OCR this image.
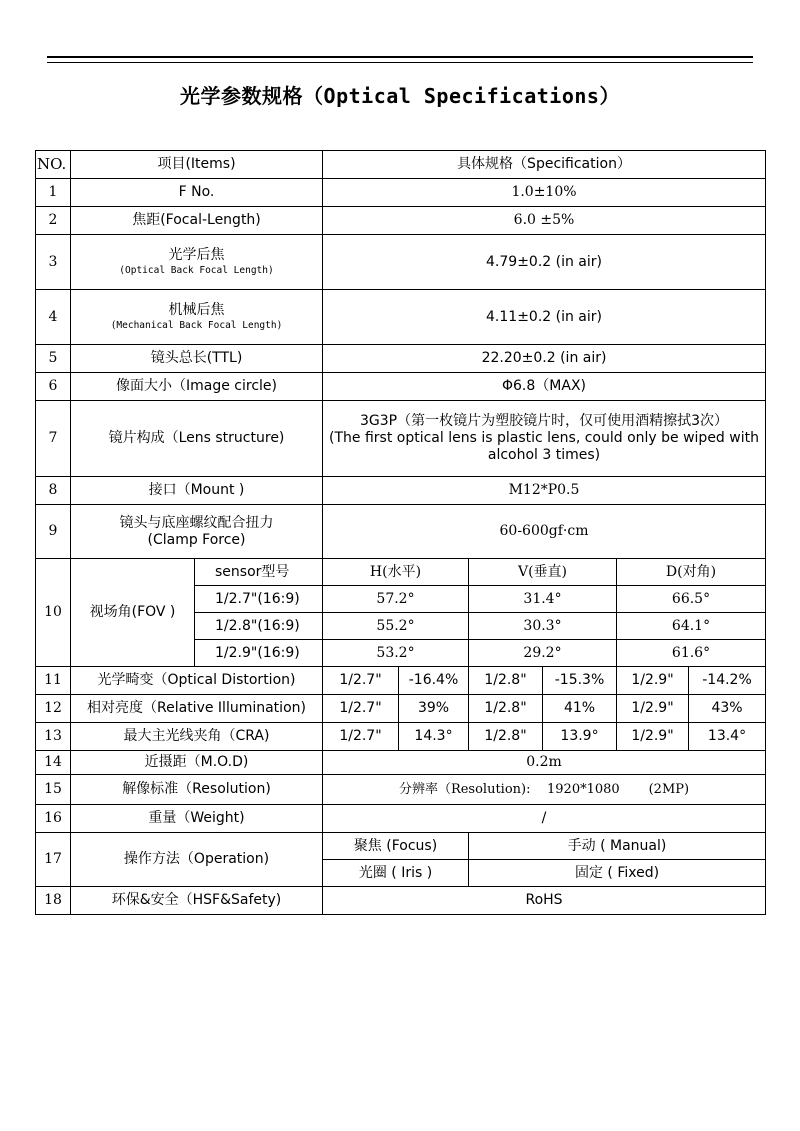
光学参数规格（Optical Specifications）
NO.	项目(Items)		具体规格（Specification）					
1	F No.		1.0±10%					
2	焦距(Focal-Length)		6.0 ±5%					
3	光学后焦
(Optical Back Focal Length)		4.79±0.2 (in air)					
4	机械后焦
(Mechanical Back Focal Length)		4.11±0.2 (in air)					
5	镜头总长(TTL)		22.20±0.2 (in air)					
6	像面大小（Image circle)		Φ6.8（MAX)					
7	镜片构成（Lens structure)		3G3P（第一枚镜片为塑胶镜片时，仅可使用酒精擦拭3次）
(The first optical lens is plastic lens, could only be wiped with alcohol 3 times)					

8	接口（Mount )		M12*P0.5					
9	镜头与底座螺纹配合扭力
(Clamp Force)		60-600gf·cm					
10	视场角(FOV )	sensor型号	H(水平)		V(垂直)		D(对角)	
		1/2.7"(16:9)	57.2°		31.4°		66.5°	
		1/2.8"(16:9)	55.2°		30.3°		64.1°	
		1/2.9"(16:9)	53.2°		29.2°		61.6°	
11	光学畸变（Optical Distortion)		1/2.7"	-16.4%	1/2.8"	-15.3%	1/2.9"	-14.2%
12	相对亮度（Relative Illumination)		1/2.7"	39%	1/2.8"	41%	1/2.9"	43%
13	最大主光线夹角（CRA)		1/2.7"	14.3°	1/2.8"	13.9°	1/2.9"	13.4°
14	近摄距（M.O.D)		0.2m					
15	解像标准（Resolution)		分辨率（Resolution):    1920*1080       (2MP)					
16	重量（Weight)		/					
17	操作方法（Operation)		聚焦 (Focus)		手动 ( Manual)			
			光圈 ( Iris )		固定 ( Fixed)			
18	环保&安全（HSF&Safety)		RoHS					
